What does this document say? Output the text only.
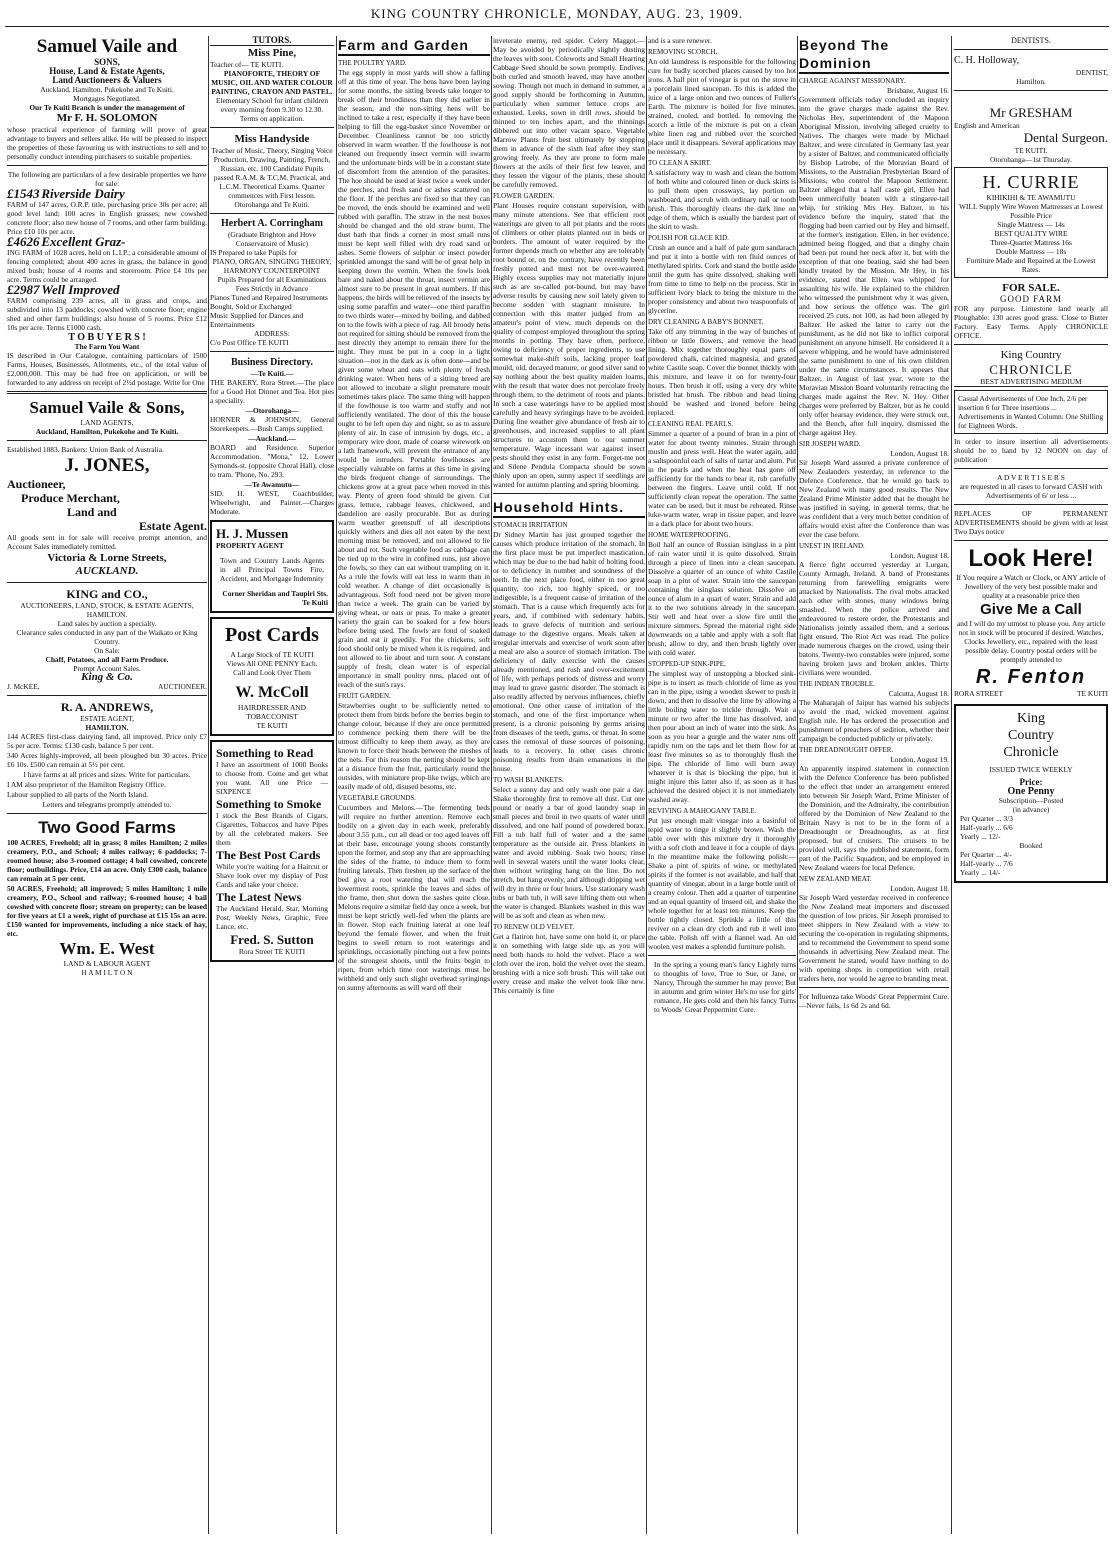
KING COUNTRY CHRONICLE, MONDAY, AUG. 23, 1909.
Samuel Vaile and
SONS,
House, Land & Estate Agents,
Land Auctioneers & Valuers
Auckland, Hamilton, Pukekohe and Te Kuiti.
Mortgages Negotiated.
Our Te Kuiti Branch is under the management of
Mr F. H. SOLOMON

whose practical experience of farming will prove of great advantage to buyers and sellers alike. He will be pleased to inspect the properties of those favouring us with instructions to sell and to personally conduct intending purchasers to suitable properties.

The following are particulars of a few desirable properties we have for sale:

£1543 Riverside Dairy

FARM of 147 acres, O.R.P. title, purchasing price 30s per acre; all good level land; 100 acres in English grasses; new cowshed concrete floor; also new house of 7 rooms, and other farm building. Price £10 10s per acre.

£4626 Excellent Graz-

ING FARM of 1028 acres, held on L.I.P.; a considerable amount of fencing completed; about 400 acres in grass, the balance in good mixed bush; house of 4 rooms and storeroom. Price £4 10s per acre. Terms could be arranged.

£2987 Well Improved

FARM comprising 239 acres, all in grass and crops, and subdivided into 13 paddocks; cowshed with concrete floor; engine shed and other farm buildings; also house of 5 rooms. Price £12 10s per acre. Terms £1000 cash.

T O B U Y E R S !
The Farm You Want

IS described in Our Catalogue, containing particulars of 1500 Farms, Houses, Businesses, Allotments, etc., of the total value of £2,000,000. This may be had free on application, or will be forwarded to any address on receipt of 2½d postage. Write for One

Samuel Vaile & Sons,
LAND AGENTS,
Auckland, Hamilton, Pukekohe and Te Kuiti.

Established 1883. Bankers: Union Bank of Australia.

J. JONES,
Auctioneer,
Produce Merchant,
Land and
Estate Agent.

All goods sent in for sale will receive prompt attention, and Account Sales immediately remitted.

Victoria & Lorne Streets,
AUCKLAND.
KING and CO.,
AUCTIONEERS, LAND, STOCK, & ESTATE AGENTS, HAMILTON.
Land sales by auction a specialty.
Clearance sales conducted in any part of the Waikato or King Country.
On Sale:
Chaff, Potatoes, and all Farm Produce.
Prompt Account Sales.
King & Co.
J. McKEE,	AUCTIONEER.
R. A. ANDREWS,
ESTATE AGENT,
HAMILTON.

144 ACRES first-class dairying land, all improved. Price only £7 5s per acre. Terms: £130 cash, balance 5 per cent.

340 Acres highly-improved, all been ploughed but 30 acres. Price £6 10s. £500 can remain at 5½ per cent.

I have farms at all prices and sizes. Write for particulars.

I AM also proprietor of the Hamilton Registry Office.

Labour supplied to all parts of the North Island.

Letters and telegrams promptly attended to.

Two Good Farms

100 ACRES, Freehold; all in grass; 8 miles Hamilton; 2 miles creamery, P.O., and School; 4 miles railway; 6 paddocks; 7-roomed house; also 3-roomed cottage; 4 bail cowshed, concrete floor; outbuildings. Price, £14 an acre. Only £300 cash, balance can remain at 5 per cent.

50 ACRES, Freehold; all improved; 5 miles Hamilton; 1 mile creamery, P.O., School and railway; 6-roomed house; 4 bail cowshed with concrete floor; stream on property; can be leased for five years at £1 a week, right of purchase at £15 15s an acre. £150 wanted for improvements, including a nice stack of hay, etc.

Wm. E. West
LAND & LABOUR AGENT
H A M I L T O N
TUTORS.
Miss Pine,
Teacher of— TE KUITI.
PIANOFORTE, THEORY OF MUSIC, OIL AND WATER COLOUR PAINTING, CRAYON AND PASTEL.
Elementary School for infant children every morning from 9.30 to 12.30.
Terms on application.
Miss Handyside

Teacher of Music, Theory, Singing Voice Production, Drawing, Painting, French, Russian, etc. 100 Candidate Pupils passed R.A.M. & T.C.M. Practical, and L.C.M. Theoretical Exams. Quarter commences with First lesson. Otorohanga and Te Kuiti.

Herbert A. Corringham
(Graduate Brighton and Hove Conservatoire of Music)
IS Prepared to take Pupils for
PIANO, ORGAN, SINGING THEORY, HARMONY COUNTERPOINT
Pupils Prepared for all Examinations
Fees Strictly in Advance
Pianos Tuned and Repaired Instruments Bought, Sold or Exchanged
Music Supplied for Dances and Entertainments
ADDRESS:
C/o Post Office TE KUITI
Business Directory.
—Te Kuiti.—

THE BAKERY, Rora Street.—The place for a Good Hot Dinner and Tea. Hot pies a speciality.

—Otorohanga—

HORNER & JOHNSON, General Storekeepers.—Bush Camps supplied.

—Auckland.—

BOARD and Residence. Superior Accommodation. "Mona," 12, Lower Symonds-st. (opposite Choral Hall), close to tram. 'Phone, No. 293.

—Te Awamutu—

SID. H. WEST, Coachbuilder, Wheelwright, and Painter.—Charges Moderate.

H. J. Mussen
PROPERTY AGENT

Town and Country Lands Agents in all Principal Towns Fire, Accident, and Mortgage Indemnity

Corner Sheridan and Taupiri Sts. Te Kuiti
Post Cards

A Large Stock of TE KUITI Views All ONE PENNY Each. Call and Look Over Them

W. McColl
HAIRDRESSER AND TOBACCONIST
TE KUITI
Something to Read

I have an assortment of 1000 Books to choose from. Come and get what you want. All one Price — SIXPENCE

Something to Smoke

I stock the Best Brands of Cigars, Cigarettes, Tobaccos and have Pipes by all the celebrated makers. See them

The Best Post Cards

While you're waiting for a Haircut or Shave look over my display of Post Cards and take your choice.

The Latest News

The Auckland Herald, Star, Morning Post, Weekly News, Graphic, Free Lance, etc.

Fred. S. Sutton
Rora Street TE KUITI
Farm and Garden
THE POULTRY YARD.

The egg supply in most yards will show a falling off at this time of year. The hens have been laying for some months, the sitting breeds take longer to break off their broodiness than they did earlier in the season, and the non-sitting hens will be inclined to take a rest, especially if they have been helping to fill the egg-basket since November or December. Cleanliness cannot be too strictly observed in warm weather. If the fowlhouse is not cleaned out frequently insect vermin will swarm and the unfortunate birds will be in a constant state of discomfort from the attention of the parasites. The hoe should be used at least twice a week under the perches, and fresh sand or ashes scattered on the floor. If the perches are fixed so that they can be moved, the ends should be examined and well rubbed with paraffin. The straw in the nest boxes should be changed and the old straw burnt. The dust bath that finds a corner in most small runs must be kept well filled with dry road sand or ashes. Some flowers of sulphur or insect powder sprinkled amongst the sand will be of great help in keeping down the vermin. When the fowls look bare and naked about the throat, insect vermin are almost sure to be present in great numbers. If this happens, the birds will be relieved of the insects by using some paraffin and water—one third paraffin to two thirds water—mixed by boiling, and dabbed on to the fowls with a piece of rag. All broody hens not required for sitting should be removed from the nest directly they attempt to remain there for the night. They must be put in a coop in a light situation—not in the dark as is often done—and be given some wheat and oats with plenty of fresh drinking water. When hens of a sitting breed are not allowed to incubate a slight premature moult sometimes takes place. The same thing will happen if the fowlhouse is too warm and stuffy and not sufficiently ventilated. The door of this the house ought to be left open day and night, so as to assure plenty of air. In case of intrusion by dogs, etc., a temporary wire door, made of coarse wirework on a lath framework, will prevent the entrance of any would be intruders. Portable fowlhouses are especially valuable on farms at this time in giving the birds frequent change of surroundings. The chickens grow at a great pace when moved in this way. Plenty of green food should be given. Cut grass, lettuce, cabbage leaves, chickweed, and dandelion are easily procurable. But as during warm weather greenstuff of all descriptions quickly withers and dies all not eaten by the next morning must be removed, and not allowed to lie about and rot. Such vegetable food as cabbage can be tied up to the wire in confined runs, just above the fowls, so they can eat without trampling on it. As a rule the fowls will eat less in warm than in cold weather. A change of diet occasionally is advantageous. Soft food need not be given more than twice a week. The grain can be varied by giving wheat, or oats or peas. To make a greater variety the grain can be soaked for a few hours before being used. The fowls are fond of soaked grain and eat it greedily. For the chickens, soft food should only be mixed when it is required, and not allowed to lie about and turn sour. A constant supply of fresh, clean water is of especial importance in small poultry runs, placed out of reach of the sun's rays.

FRUIT GARDEN.

Strawberries ought to be sufficiently netted to protect them from birds before the berries begin to change colour, because if they are once permitted to commence pecking them there will be the utmost difficulty to keep them away, as they are known to force their heads between the meshes of the nets. For this reason the netting should be kept at a distance from the fruit, particularly round the outsides, with miniature prop-like twigs, which are easily made of old, disused besoms, etc.

VEGETABLE GROUNDS.

Cucumbers and Melons.—The fermenting beds will require no further attention. Remove each bodily on a given day in each week, preferably about 3.55 p.m., cut all dead or too aged leaves off at their base, encourage young shoots constantly upon the former, and stop any that are approaching the sides of the frame, to induce them to form fruiting laterals. Then freshen up the surface of the bed give a root watering that will reach the lowermost roots, sprinkle the leaves and sides of the frame, then shut down the sashes quite close. Melons require a similar field day once a week, but must be kept strictly well-fed when the plants are in flower. Stop each fruiting lateral at one leaf beyond the female flower, and when the fruit begins to swell return to root waterings and sprinklings, occasionally pinching out a few points of the strongest shoots, until the fruits begin to ripen, from which time root waterings must be withheld and only such slight overhead syringings on sunny afternoons as will ward off their

inveterate enemy, red spider. Celery Maggot.—May be avoided by periodically slightly dusting the leaves with soot. Coleworts and Small Hearting Cabbage Seed should be sown promptly. Endives, both curled and smooth leaved, may have another sowing. Though not much in demand in summer, a good supply should be forthcoming in Autumn, particularly when summer lettuce crops are exhausted. Leeks, sown in drill rows, should be thinned to ten inches apart, and the thinnings dibbered out into other vacant space. Vegetable Marrow Plants fruit best ultimately by stopping them in advance of the sixth leaf after they start growing freely. As they are prone to form male flowers at the axils of their first few leaver, and they lessen the vigour of the plants, these should be carefully removed.

FLOWER GARDEN.

Plant Houses require constant supervision, with many minute attentions. See that efficient root waterings are given to all pot plants and the roots of climbers or other plants planted out in beds or borders. The amount of water required by the former depends much on whether any are tolerably root bound or, on the contrary, have recently been freshly potted and must not be over-watered. Highly excess supplies may not materially injure such as are so-called pot-bound, but may have adverse results by causing new soil lately given to become sodden with stagnant moisture. In connection with this matter judged from an amateur's point of view, much depends on the quality of compost employed throughout the spring months in potting. They have often, perforce, owing to deficiency of proper ingredients, to use somewhat make-shift soils, lacking proper leaf mould, old, decayed manure, or good silver sand to say nothing about the best quality maiden loams, with the result that water does not percolate freely through them, to the detriment of roots and plants. In such a case waterings have to be applied most carefully and heavy syringings have to be avoided. During fine weather give abundance of fresh air to greenhouses, and increased supplies to all plant structures to accustom them to our summer temperature. Wage incessant war against insect pests should they exist in any form. Forget-me not and Silene Pendula Compacta should be sown thinly upon an open, sunny aspect if seedlings are wanted for autumn planting and spring blooming.

Household Hints.
STOMACH IRRITATION

Dr Sidney Martin has just grouped together the causes which produce irritation of the stomach. In the first place must be put imperfect mastication, which may be due to the bad habit of bolting food, or to deficiency in number and soundness of the teeth. In the next place food, either in too great quantity, too rich, too highly spiced, or too indigestible, is a frequent cause of irritation of the stomach. That is a cause which frequently acts for years, and, if combined with sedentary habits, leads to grave defects of nutrition and serious damage to the digestive organs. Meals taken at irregular intervals and exercise of work soon after a meal are also a source of stomach irritation. The deficiency of daily exercise with the causes already mentioned, and rush and over-excitement of life, with perhaps periods of distress and worry may lead to grave gastric disorder. The stomach is also readily affected by nervous influences, chiefly emotional. One other cause of irritation of the stomach, and one of the first importance when present, is a chronic poisoning by germs arising from diseases of the teeth, gums, or throat. In some cases the removal of these sources of poisoning, leads to a recovery. In other cases chronic poisoning results from drain emanations in the house.

TO WASH BLANKETS.

Select a sunny day and only wash one pair a day. Shake thoroughly first to remove all dust. Cut one pound or nearly a bar of good laundry soap in small pieces and broil in two quarts of water until dissolved, and one half pound of powdered borax. Fill a tub half full of water and a the same temperature as the outside air. Press blankets in water and avoid rubbing. Soak two hours; rinse well in several waters until the water looks clear, then without wringing hang on the line. Do not stretch, but hang evenly, and although dripping wet will dry in three or four hours. Use stationary wash tubs or bath tub, it will save lifting them out when the water is changed. Blankets washed in this way will be as soft and clean as when new.

TO RENEW OLD VELVET.

Get a flatiron hot, have some one hold it, or place it on something with large side up, as you will need both hands to hold the velvet. Place a wet cloth over the iron, hold the velvet over the steam, brushing with a nice soft brush. This will take out every crease and make the velvet look like new. This certainly is fine

and is a sure renewer.

REMOVING SCORCH,

An old laundress is responsible for the following cure for badly scorched places caused by too hot irons. A half pint of vinegar is put on the stove in a porcelain lined saucepan. To this is added the juice of a large onion and two ounces of Fuller's Earth. The mixture is boiled for five minutes, strained, cooled, and bottled. In removing the scorch a little of the mixture is put on a clean white linen rag and rubbed over the scorched place until it disappears. Several applications may be necessary.

TO CLEAN A SKIRT.

A satisfactory way to wash and clean the bottom of both white and coloured linen or duck skirts is to pull them open crossways, lay portion on washboard, and scrub with ordinary nail or tooth brush. This thoroughly cleans the dark line on edge of them, which is usually the hardest part of the skirt to wash.

POLISH FOR GLACE KID.

Crush an ounce and a half of pale gum sandarach and put it into a bottle with ten fluid ounces of methylated spirits. Cork and stand the bottle aside until the gum has quite dissolved, shaking well from time to time to help on the process. Stir in sufficient ivory black to bring the mixture to the proper consistency and about two teaspoonfuls of glycerine.

DRY CLEANING A BABY'S BONNET.

Take off any trimming in the way of bunches of ribbon or little flowers, and remove the head lining. Mix together thoroughly equal parts of powdered chalk, calcined magnesia, and grated white Castile soap. Cover the bonnet thickly with this mixture, and leave it on for twenty-four hours. Then brush it off, using a very dry white bristled hat brush. The ribbon and head lining should be washed and ironed before being replaced.

CLEANING REAL PEARLS.

Simmer a quarter of a pound of bran in a pint of water for about twenty minutes. Strain through muslin and press well. Heat the water again, add a saltspoonful each of salts of tartar and alum. Put in the pearls and when the heat has gone off sufficiently for the hands to bear it, rub carefully between the fingers. Leave until cold. If not sufficiently clean repeat the operation. The same water can be used, but it must be reheated. Rinse luke-warm water, wrap in tissue paper, and leave in a dark place for about two hours.

HOME WATERPROOFING.

Boil half an ounce of Russian isinglass in a pint of rain water until it is quite dissolved. Strain through a piece of linen into a clean saucepan. Dissolve a quarter of an ounce of white Castile soap in a pint of water. Strain into the saucepan containing the isinglass solution. Dissolve an ounce of alum in a quart of water. Strain and add it to the two solutions already in the saucepan. Stir well and heat over a slow fire until the mixture simmers. Spread the material right side downwards on a table and apply with a soft flat brush; allow to dry, and then brush lightly over with cold water.

STOPPED-UP SINK-PIPE,

The simplest way of unstopping a blocked sink-pipe is to insert as much chloride of lime as you can in the pipe, using a wooden skewer to push it down, and then to dissolve the lime by allowing a little boiling water to trickle through. Wait a minute or two after the lime has dissolved, and then pour about an inch of water into the sink. As soon as you hear a gurgle and the water runs off rapidly turn on the taps and let them flow for at least five minutes so as to thoroughly flush the pipe. The chloride of lime will burn away whatever it is that is blocking the pipe, but it might injure this latter also if, as soon as it has achieved the desired object it is not immediately washed away.

REVIVING A MAHOGANY TABLE.

Put just enough malt vinegar into a basinful of tepid water to tinge it slightly brown. Wash the table over with this mixture dry it thoroughly with a soft cloth and leave it for a couple of days. In the meantime make the following polish:—Shake a pint of spirits of wine, or methylated spirits if the former is not available, and half that quantity of vinegar, about in a large bottle until of a creamy colour. Then add a quarter of turpentine and an equal quantity of linseed oil, and shake the whole together for at least ten minutes. Keep the bottle tightly closed. Sprinkle a little of this reviver on a clean dry cloth and rub it well into the table. Polish off with a flannel wad. An old woolen vest makes a splendid furniture polish.

In the spring a young man's fancy Lightly turns to thoughts of love, True to Sue, or Jane, or Nancy, Through the summer he may prove; But in autumn and grim winter He's no use for girls' romance, He gets cold and then his fancy Turns to Woods' Great Peppermint Cure.

Beyond The Dominion
CHARGE AGAINST MISSIONARY.
Brisbane, August 16.

Government officials today concluded an inquiry into the grave charges made against the Rev. Nicholas Hey, superintendent of the Mapoon Aboriginal Mission, involving alleged cruelty to Natives. The charges were made by Michael Baltzer, and were circulated in Germany last year by a sister of Baltzer, and communicated officially by Bishop Latrobe, of the Moravian Board of Missions, to the Australian Presbyterian Board of Missions, who control the Mapoon Settlement. Baltzer alleged that a half caste girl, Ellen had been unmercifully beaten with a stingaree-tail whip, for striking Mrs Hey. Baltzer, in his evidence before the inquiry, stated that the flogging had been carried out by Hey and himself, at the former's instigation. Ellen, in her evidence, admitted being flogged, and that a dinghy chain had been put round her neck after it, but with the exception of that one beating, said she had been kindly treated by the Mission. Mr Hey, in his evidence, stated that Ellen was whipped for assaulting his wife. He explained to the children who witnessed the punishment why it was given, and how serious the offence was. The girl received 25 cuts, not 100, as had been alleged by Baltzer. He asked the latter to carry out the punishment, as he did not like to inflict corporal punishment on anyone himself. He considered it a severe whipping, and he would have administered the same punishment to one of his own children under the same circumstances. It appears that Baltzer, in August of last year, wrote to the Moravian Mission Board voluntarily retracting the charges made against the Rev. N. Hey. Other charges were preferred by Baltzer, but as he could only offer hearsay evidence, they were struck out, and the Bench, after full inquiry, dismissed the charge against Hey.

SIR JOSEPH WARD.
London, August 18.

Sir Joseph Ward assured a private conference of New Zealanders yesterday, in reference to the Defence Conference, that he would go back to New Zealand with many good results. The New Zealand Prime Minister added that he thought he was justified in saying, in general terms, that he was confident that a very much better condition of affairs would exist after the Conference than was ever the case before.

UNEST IN IRELAND.
London, August 18.

A fierce fight occurred yesterday at Lurgan, County Armagh, Ireland. A band of Protestants returning from farewelling emigrants were attacked by Nationalists. The rival mobs attacked each other with stones, many windows being smashed. When the police arrived and endeavoured to restore order, the Protestants and Nationalists jointly assailed them, and a serious fight ensued. The Riot Act was read. The police made numerous charges on the crowd, using their batons. Twenty-two constables were injured, some having broken jaws and broken ankles. Thirty civilians were wounded.

THE INDIAN TROUBLE.
Calcutta, August 18.

The Maharajah of Jaipur has warned his subjects to avoid the mad, wicked movement against English rule. He has ordered the prosecution and punishment of preachers of sedition, whether their campaign be conducted publicly or privately.

THE DREADNOUGHT OFFER.
London, August 19.

An apparently inspired statement in connection with the Defence Conference has been published to the effect that under an arrangement entered into between Sir Joseph Ward, Prime Minister of the Dominion, and the Admiralty, the contribution offered by the Dominion of New Zealand to the Britain Navy is not to be in the form of a Dreadnought or Dreadnoughts, as at first proposed, but of cruisers. The cruisers to be provided will, says the published statement, form part of the Pacific Squadron, and be employed in New Zealand waters for local Defence.

NEW ZEALAND MEAT.
London, August 18.

Sir Joseph Ward yesterday received in conference the New Zealand meat importers and discussed the question of low prices. Sir Joseph promised to meet shippers in New Zealand with a view to securing the co-operation in regulating shipments, and to recommend the Government to spend some thousands in advertising New Zealand meat. The Government he stated, would have nothing to do with opening shops in competition with retail traders here, nor would he agree to branding meat.

For Influenza take Woods' Great Peppermint Cure.—Never fails, 1s 6d 2s and 6d.

DENTISTS.
C. H. Holloway,
DENTIST,
Hamilton.
Mr GRESHAM
English and American
Dental Surgeon.
TE KUITI.
Otorohanga—1st Thursday.
H. CURRIE
KIHIKIHI & TE AWAMUTU
WILL Supply Wire Woven Mattresses at Lowest Possible Price
Single Mattress — 14s
BEST QUALITY WIRE
Three-Quarter Mattress 16s
Double Mattress — 18s
Furniture Made and Repaired at the Lowest Rates.
FOR SALE.
GOOD FARM

FOR any purpose. Limestone land nearly all Ploughable: 130 acres good grass. Close to Butter Factory. Easy Terms. Apply CHRONICLE OFFICE.

King Country
CHRONICLE
BEST ADVERTISING MEDIUM
Casual Advertisements of One Inch, 2/6 per insertion 6 for Three insertions ... Advertisements in Wanted Column: One Shilling for Eighteen Words.

In order to insure insertion all advertisements should be to hand by 12 NOON on day of publication

A D V E R T I S E R S

are requested in all cases to forward CASH with Advertisements of 6/ or less ...

REPLACES OF PERMANENT ADVERTISEMENTS should be given with at least Two Days notice

Look Here!

If You require a Watch or Clock, or ANY article of Jewellery of the very best possible make and quality at a reasonable price then

Give Me a Call

and I will do my utmost to please you. Any article not in stock will be procured if desired. Watches, Clocks Jewellery, etc., repaired with the least possible delay. Country postal orders will be promptly attended to

R. Fenton
RORA STREET	TE KUITI
King
Country
Chronicle
ISSUED TWICE WEEKLY
Price:
One Penny
Subscription—Posted
(in advance)
Per Quarter ... 3/3
Half-yearly ... 6/6
Yearly ... 12/-
Booked
Per Quarter ... 4/-
Half-yearly ... 7/6
Yearly ... 14/-
